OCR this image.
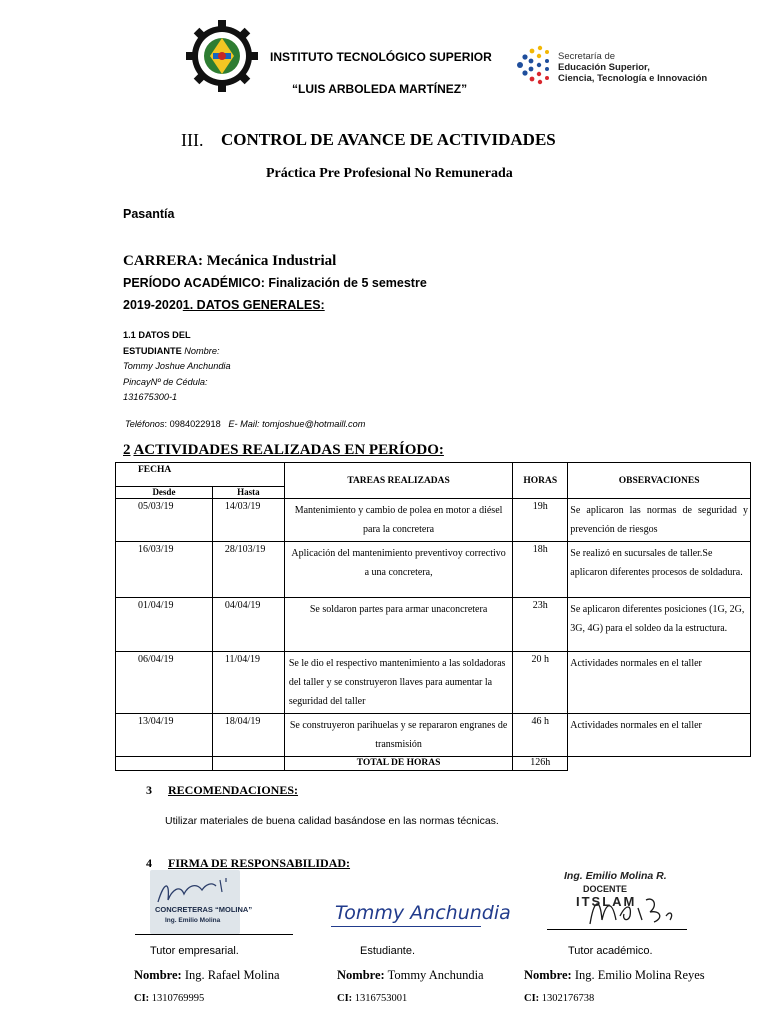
INSTITUTO TECNOLÓGICO SUPERIOR
“LUIS ARBOLEDA MARTÍNEZ”
Secretaría de
Educación Superior,
Ciencia, Tecnología e Innovación
III. CONTROL DE AVANCE DE ACTIVIDADES
Práctica Pre Profesional No Remunerada
Pasantía
CARRERA: Mecánica Industrial
PERÍODO ACADÉMICO: Finalización de 5 semestre
2019-20201. DATOS GENERALES:
1.1 DATOS DEL
ESTUDIANTE Nombre:
Tommy Joshue Anchundia
PincayNº de Cédula:
131675300-1
Teléfonos: 0984022918 E- Mail: tomjoshue@hotmaill.com
2 ACTIVIDADES REALIZADAS EN PERÍODO:
FECHA		TAREAS REALIZADAS	HORAS	OBSERVACIONES
Desde	Hasta			
05/03/19	14/03/19	Mantenimiento y cambio de polea en motor a diésel para la concretera	19h	Se aplicaron las normas de seguridad y prevención de riesgos
16/03/19	28/103/19	Aplicación del mantenimiento preventivoy correctivo a una concretera,	18h	Se realizó en sucursales de taller.Se aplicaron diferentes procesos de soldadura.
01/04/19	04/04/19	Se soldaron partes para armar unaconcretera	23h	Se aplicaron diferentes posiciones (1G, 2G, 3G, 4G) para el soldeo da la estructura.
06/04/19	11/04/19	Se le dio el respectivo mantenimiento a las soldadoras del taller y se construyeron llaves para aumentar la seguridad del taller	20 h	Actividades normales en el taller
13/04/19	18/04/19	Se construyeron parihuelas y se repararon engranes de transmisión	46 h	Actividades normales en el taller
		TOTAL DE HORAS	126h	
3 RECOMENDACIONES:
Utilizar materiales de buena calidad basándose en las normas técnicas.
4 FIRMA DE RESPONSABILIDAD:
CONCRETERAS “MOLINA”
Ing. Emilio Molina	Tommy Anchundia
Ing. Emilio Molina R.
DOCENTE
ITSLAM
Tutor empresarial.	Estudiante.	Tutor académico.
Nombre: Ing. Rafael Molina	Nombre: Tommy Anchundia	Nombre: Ing. Emilio Molina Reyes
CI: 1310769995	CI: 1316753001	CI: 1302176738
